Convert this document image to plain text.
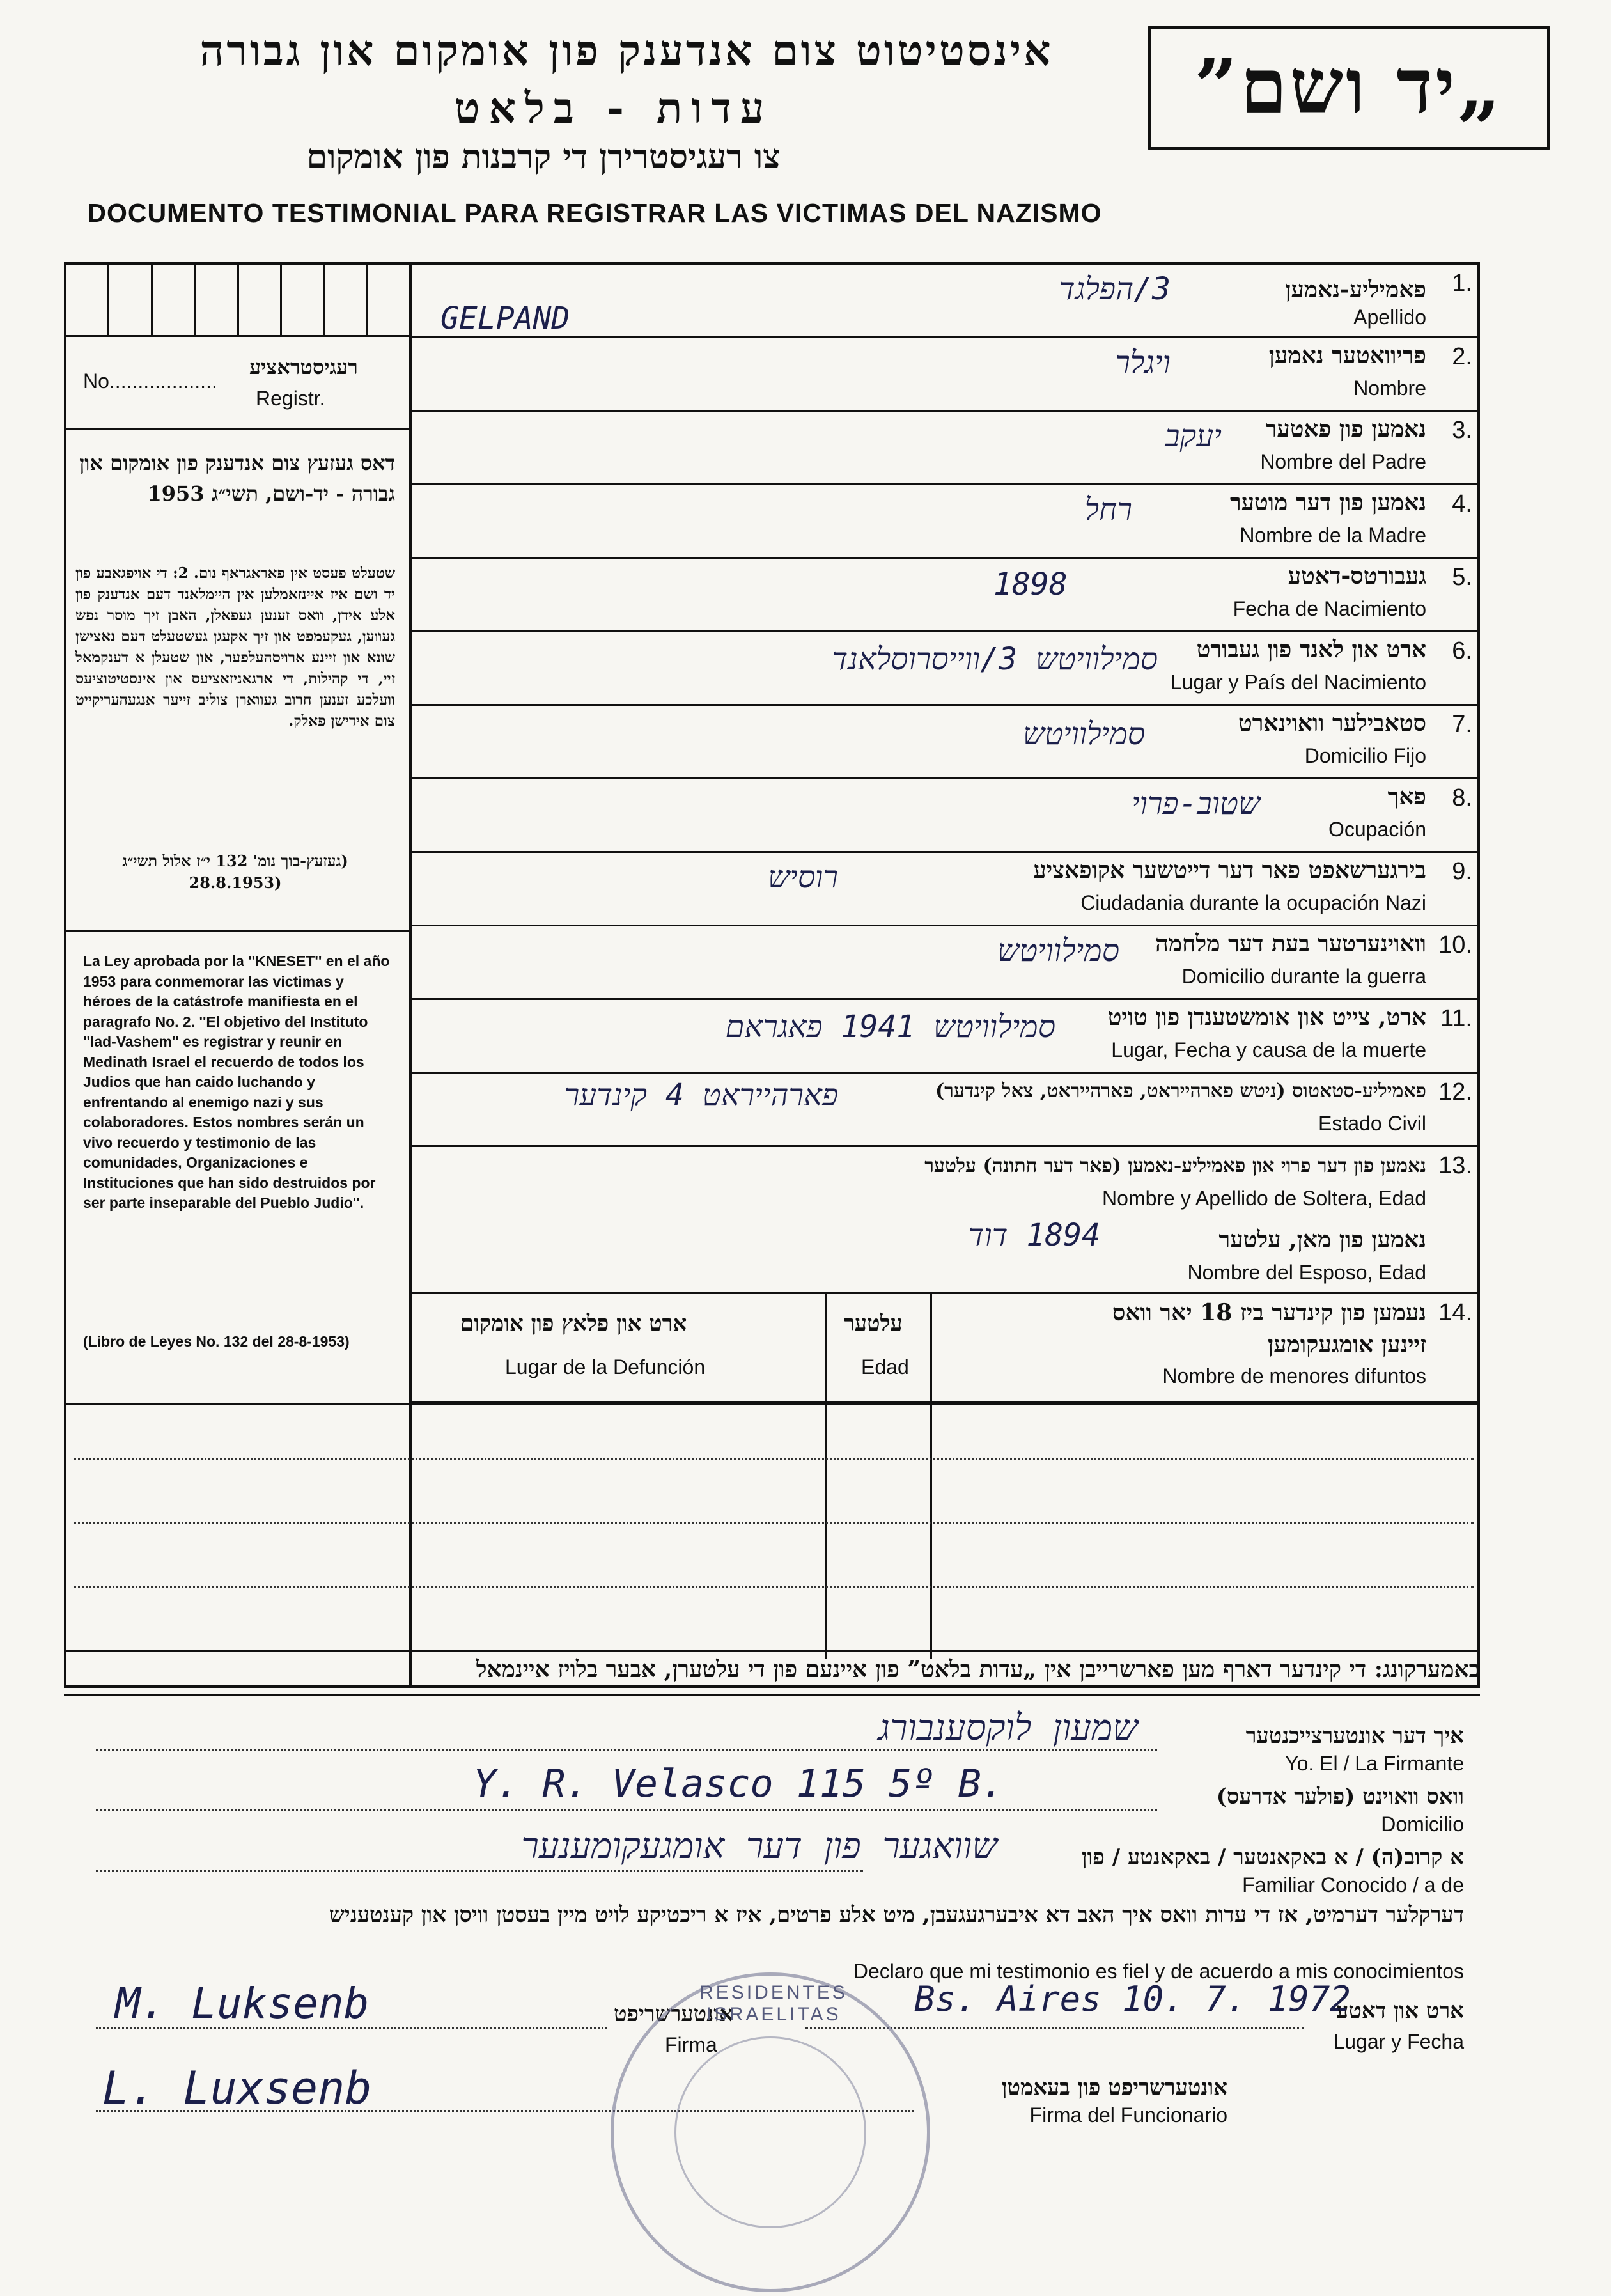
אינסטיטוט צום אנדענק פון אומקום און גבורה
עדות - בלאט
צו רעגיסטרירן די קרבנות פון אומקום
DOCUMENTO TESTIMONIAL PARA REGISTRAR LAS VICTIMAS DEL NAZISMO
„יד ושם”
No...................
רעגיסטראציע
Registr.
דאס געזעץ צום אנדענק פון אומקום און גבורה - יד-ושם, תשי״ג 1953
שטעלט פעסט אין פאראגראף נום. 2: די אויפגאבע פון יד ושם איז איינזאמלען אין היימלאנד דעם אנדענק פון אלע אידן, וואס זענען געפאלן, האבן זיך מוסר נפש געווען, געקעמפט און זיך אקעגן געשטעלט דעם נאצישן שונא און זיינע ארויסהעלפער, און שטעלן א דענקמאל זיי, די קהילות, די ארגאניזאציעס און אינסטיטוציעס וועלכע זענען חרוב געווארן צוליב זייער אנגעהעריקייט צום אידישן פאלק.
(געזעץ-בוך נומ' 132 י״ז אלול תשי״ג (28.8.1953
La Ley aprobada por la ''KNESET'' en el año 1953 para conmemorar las victimas y héroes de la catástrofe manifiesta en el paragrafo No. 2. ''El objetivo del Instituto ''Iad-Vashem'' es registrar y reunir en Medinath Israel el recuerdo de todos los Judios que han caido luchando y enfrentando al enemigo nazi y sus colaboradores. Estos nombres serán un vivo recuerdo y testimonio de las comunidades, Organizaciones e Instituciones que han sido destruidos por ser parte inseparable del Pueblo Judio''.
(Libro de Leyes No. 132 del 28-8-1953)
1.
פאמיליע-נאמען
Apellido
3/הפלגד
GELPAND
2.
פריוואטער נאמען
Nombre
ויגלר
3.
נאמען פון פאטער
Nombre del Padre
יעקב
4.
נאמען פון דער מוטער
Nombre de la Madre
רחל
5.
געבורטס-דאטע
Fecha de Nacimiento
1898
6.
ארט און לאנד פון געבורט
Lugar y País del Nacimiento
סמילוויטש 3/ווייסרוסלאנד
7.
סטאבילער וואוינארט
Domicilio Fijo
סמילוויטש
8.
פאך
Ocupación
שטוב-פרוי
9.
בירגערשאפט פאר דער דייטשער אקופאציע
Ciudadania durante la ocupación Nazi
רוסיש
10.
וואוינערטער בעת דער מלחמה
Domicilio durante la guerra
סמילוויטש
11.
ארט, צייט און אומשטענדן פון טויט
Lugar, Fecha y causa de la muerte
סמילוויטש 1941 פאגראם
12.
פאמיליע-סטאטוס (ניטש פארהייראט, פארהייראט, צאל קינדער)
Estado Civil
פארהייראט 4 קינדער
13.
נאמען פון דער פרוי און פאמיליע-נאמען (פאר דער חתונה) עלטער
Nombre y Apellido de Soltera, Edad
נאמען פון מאן, עלטער
Nombre del Esposo, Edad
1894 דוד
14.
נעמען פון קינדער ביז 18 יאר וואס זיינען אומגעקומען
Nombre de menores difuntos
ארט און פלאץ פון אומקום
Lugar de la Defunción
עלטער
Edad
באמערקונג: די קינדער דארף מען פארשרייבן אין „עדות בלאט” פון איינעם פון די עלטערן, אבער בלויז איינמאל
איך דער אונטערצייכנטער
Yo. El / La Firmante
שמעון לוקסענבורג
וואס וואוינט (פולער אדרעס)
Domicilio
Y. R. Velasco 115 5º B.
א קרוב(ה) / א באקאנטער / באקאנטע / פון
Familiar Conocido / a de
שוואגער פון דער אומגעקומענער
דערקלער דערמיט, אז די עדות וואס איך האב דא איבערגעגעבן, מיט אלע פרטים, איז א ריכטיקע לויט מיין בעסטן וויסן און קענטעניש
Declaro que mi testimonio es fiel y de acuerdo a mis conocimientos
M. Luksenb	אונטערשריפט
Firma
Bs. Aires 10. 7. 1972
ארט און דאטע
Lugar y Fecha
L. Luxsenb	אונטערשריפט פון בעאמטן
Firma del Funcionario
RESIDENTES ISRAELITAS
